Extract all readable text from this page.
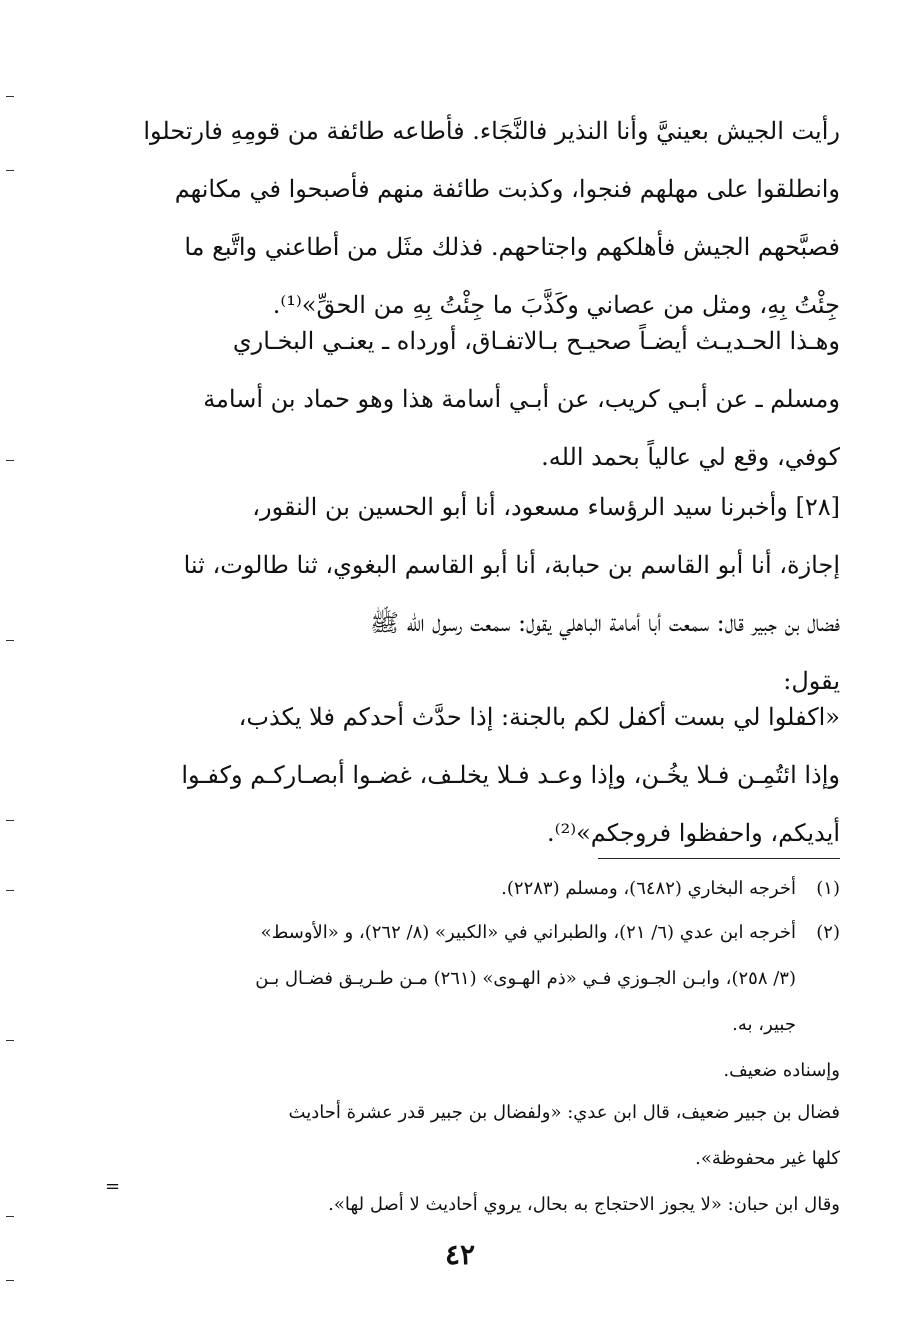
رأيت الجيش بعينيَّ وأنا النذير فالنَّجَاء. فأطاعه طائفة من قومِهِ فارتحلوا
وانطلقوا على مهلهم فنجوا، وكذبت طائفة منهم فأصبحوا في مكانهم
فصبَّحهم الجيش فأهلكهم واجتاحهم. فذلك مثَل من أطاعني واتَّبع ما
جِئْتُ بِهِ، ومثل من عصاني وكَذَّبَ ما جِئْتُ بِهِ من الحقِّ»⁽¹⁾.
وهـذا الحـديـث أيضـاً صحيـح بـالاتفـاق، أورداه ـ يعنـي البخـاري
ومسلم ـ عن أبـي كريب، عن أبـي أسامة هذا وهو حماد بن أسامة
كوفي، وقع لي عالياً بحمد الله.
[٢٨] وأخبرنا سيد الرؤساء مسعود، أنا أبو الحسين بن النقور،
إجازة، أنا أبو القاسم بن حبابة، أنا أبو القاسم البغوي، ثنا طالوت، ثنا
فضال بن جبير قال: سمعت أبا أمامة الباهلي يقول: سمعت رسول الله ﷺ
يقول:
«اكفلوا لي بست أكفل لكم بالجنة: إذا حدَّث أحدكم فلا يكذب،
وإذا ائتُمِـن فـلا يخُـن، وإذا وعـد فـلا يخلـف، غضـوا أبصـاركـم وكفـوا
أيديكم، واحفظوا فروجكم»⁽²⁾.
(١)
أخرجه البخاري (٦٤٨٢)، ومسلم (٢٢٨٣).
(٢)
أخرجه ابن عدي (٦/ ٢١)، والطبراني في «الكبير» (٨/ ٢٦٢)، و «الأوسط»
(٣/ ٢٥٨)، وابـن الجـوزي فـي «ذم الهـوى» (٢٦١) مـن طـريـق فضـال بـن
جبير، به.
وإسناده ضعيف.
فضال بن جبير ضعيف، قال ابن عدي: «ولفضال بن جبير قدر عشرة أحاديث
كلها غير محفوظة».
وقال ابن حبان: «لا يجوز الاحتجاج به بحال، يروي أحاديث لا أصل لها».
=
٤٢
